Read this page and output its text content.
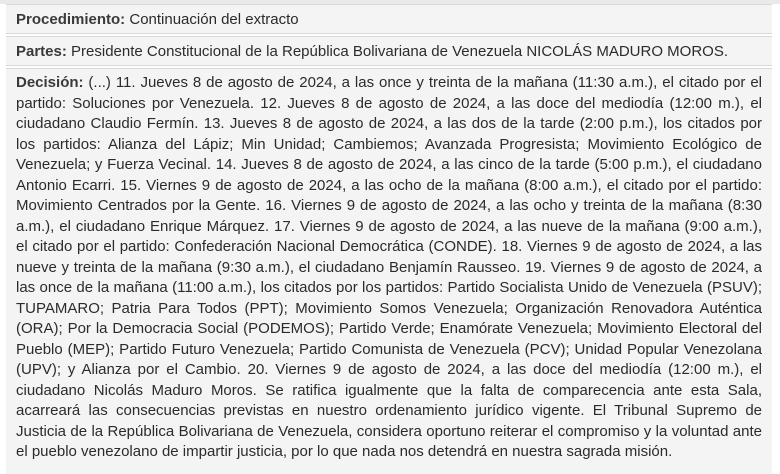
Procedimiento: Continuación del extracto
Partes: Presidente Constitucional de la República Bolivariana de Venezuela NICOLÁS MADURO MOROS.
Decisión: (...) 11. Jueves 8 de agosto de 2024, a las once y treinta de la mañana (11:30 a.m.), el citado por el partido: Soluciones por Venezuela. 12. Jueves 8 de agosto de 2024, a las doce del mediodía (12:00 m.), el ciudadano Claudio Fermín. 13. Jueves 8 de agosto de 2024, a las dos de la tarde (2:00 p.m.), los citados por los partidos: Alianza del Lápiz; Min Unidad; Cambiemos; Avanzada Progresista; Movimiento Ecológico de Venezuela; y Fuerza Vecinal. 14. Jueves 8 de agosto de 2024, a las cinco de la tarde (5:00 p.m.), el ciudadano Antonio Ecarri. 15. Viernes 9 de agosto de 2024, a las ocho de la mañana (8:00 a.m.), el citado por el partido: Movimiento Centrados por la Gente. 16. Viernes 9 de agosto de 2024, a las ocho y treinta de la mañana (8:30 a.m.), el ciudadano Enrique Márquez. 17. Viernes 9 de agosto de 2024, a las nueve de la mañana (9:00 a.m.), el citado por el partido: Confederación Nacional Democrática (CONDE). 18. Viernes 9 de agosto de 2024, a las nueve y treinta de la mañana (9:30 a.m.), el ciudadano Benjamín Rausseo. 19. Viernes 9 de agosto de 2024, a las once de la mañana (11:00 a.m.), los citados por los partidos: Partido Socialista Unido de Venezuela (PSUV); TUPAMARO; Patria Para Todos (PPT); Movimiento Somos Venezuela; Organización Renovadora Auténtica (ORA); Por la Democracia Social (PODEMOS); Partido Verde; Enamórate Venezuela; Movimiento Electoral del Pueblo (MEP); Partido Futuro Venezuela; Partido Comunista de Venezuela (PCV); Unidad Popular Venezolana (UPV); y Alianza por el Cambio. 20. Viernes 9 de agosto de 2024, a las doce del mediodía (12:00 m.), el ciudadano Nicolás Maduro Moros. Se ratifica igualmente que la falta de comparecencia ante esta Sala, acarreará las consecuencias previstas en nuestro ordenamiento jurídico vigente. El Tribunal Supremo de Justicia de la República Bolivariana de Venezuela, considera oportuno reiterar el compromiso y la voluntad ante el pueblo venezolano de impartir justicia, por lo que nada nos detendrá en nuestra sagrada misión.
